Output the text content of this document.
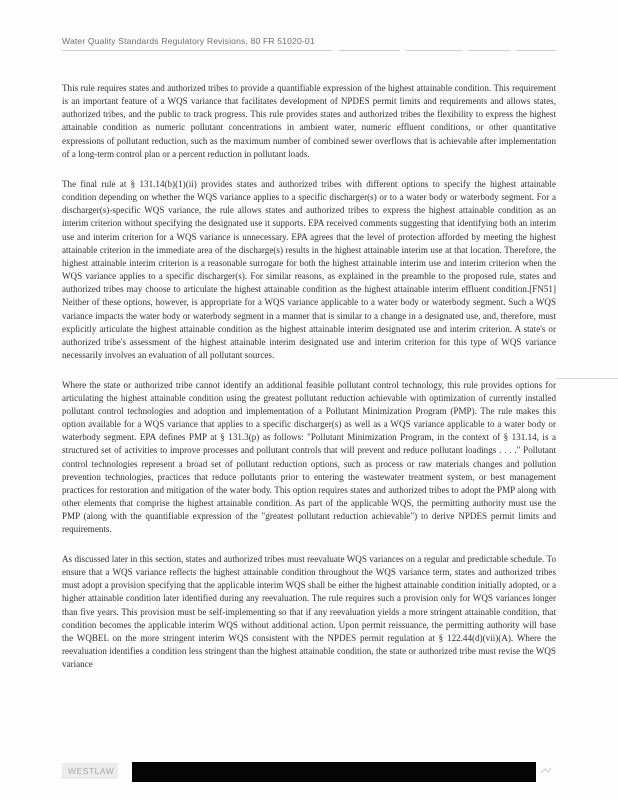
Water Quality Standards Regulatory Revisions, 80 FR 51020-01

This rule requires states and authorized tribes to provide a quantifiable expression of the highest attainable condition. This requirement is an important feature of a WQS variance that facilitates development of NPDES permit limits and requirements and allows states, authorized tribes, and the public to track progress. This rule provides states and authorized tribes the flexibility to express the highest attainable condition as numeric pollutant concentrations in ambient water, numeric effluent conditions, or other quantitative expressions of pollutant reduction, such as the maximum number of combined sewer overflows that is achievable after implementation of a long-term control plan or a percent reduction in pollutant loads.

The final rule at § 131.14(b)(1)(ii) provides states and authorized tribes with different options to specify the highest attainable condition depending on whether the WQS variance applies to a specific discharger(s) or to a water body or waterbody segment. For a discharger(s)-specific WQS variance, the rule allows states and authorized tribes to express the highest attainable condition as an interim criterion without specifying the designated use it supports. EPA received comments suggesting that identifying both an interim use and interim criterion for a WQS variance is unnecessary. EPA agrees that the level of protection afforded by meeting the highest attainable criterion in the immediate area of the discharge(s) results in the highest attainable interim use at that location. Therefore, the highest attainable interim criterion is a reasonable surrogate for both the highest attainable interim use and interim criterion when the WQS variance applies to a specific discharger(s). For similar reasons, as explained in the preamble to the proposed rule, states and authorized tribes may choose to articulate the highest attainable condition as the highest attainable interim effluent condition.[FN51] Neither of these options, however, is appropriate for a WQS variance applicable to a water body or waterbody segment. Such a WQS variance impacts the water body or waterbody segment in a manner that is similar to a change in a designated use, and, therefore, must explicitly articulate the highest attainable condition as the highest attainable interim designated use and interim criterion. A state's or authorized tribe's assessment of the highest attainable interim designated use and interim criterion for this type of WQS variance necessarily involves an evaluation of all pollutant sources.

Where the state or authorized tribe cannot identify an additional feasible pollutant control technology, this rule provides options for articulating the highest attainable condition using the greatest pollutant reduction achievable with optimization of currently installed pollutant control technologies and adoption and implementation of a Pollutant Minimization Program (PMP). The rule makes this option available for a WQS variance that applies to a specific discharger(s) as well as a WQS variance applicable to a water body or waterbody segment. EPA defines PMP at § 131.3(p) as follows: "Pollutant Minimization Program, in the context of § 131.14, is a structured set of activities to improve processes and pollutant controls that will prevent and reduce pollutant loadings . . . ." Pollutant control technologies represent a broad set of pollutant reduction options, such as process or raw materials changes and pollution prevention technologies, practices that reduce pollutants prior to entering the wastewater treatment system, or best management practices for restoration and mitigation of the water body. This option requires states and authorized tribes to adopt the PMP along with other elements that comprise the highest attainable condition. As part of the applicable WQS, the permitting authority must use the PMP (along with the quantifiable expression of the "greatest pollutant reduction achievable") to derive NPDES permit limits and requirements.

As discussed later in this section, states and authorized tribes must reevaluate WQS variances on a regular and predictable schedule. To ensure that a WQS variance reflects the highest attainable condition throughout the WQS variance term, states and authorized tribes must adopt a provision specifying that the applicable interim WQS shall be either the highest attainable condition initially adopted, or a higher attainable condition later identified during any reevaluation. The rule requires such a provision only for WQS variances longer than five years. This provision must be self-implementing so that if any reevaluation yields a more stringent attainable condition, that condition becomes the applicable interim WQS without additional action. Upon permit reissuance, the permitting authority will base the WQBEL on the more stringent interim WQS consistent with the NPDES permit regulation at § 122.44(d)(vii)(A). Where the reevaluation identifies a condition less stringent than the highest attainable condition, the state or authorized tribe must revise the WQS variance

WESTLAW
